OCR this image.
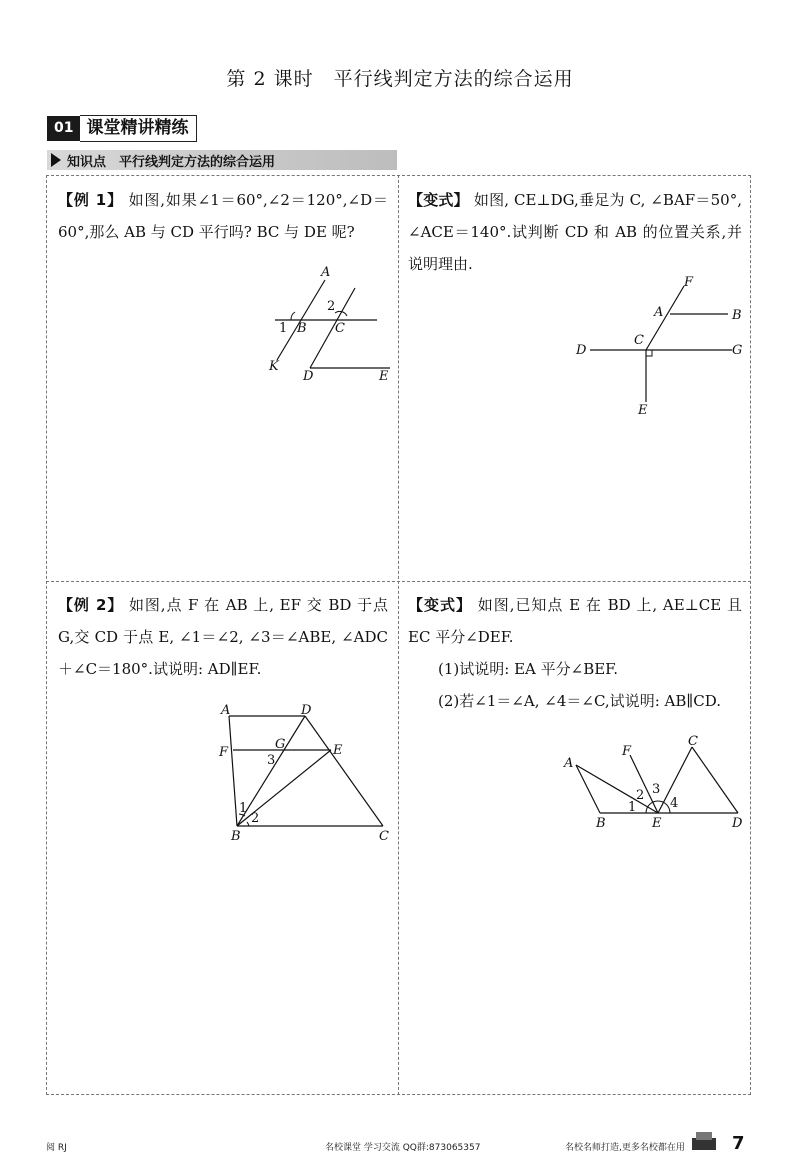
第 2 课时　平行线判定方法的综合运用
01 课堂精讲精练
知识点　平行线判定方法的综合运用
【例 1】 如图,如果∠1＝60°,∠2＝120°,∠D＝60°,那么 AB 与 CD 平行吗? BC 与 DE 呢?
A
B C
D	E
K
1
2
【变式】 如图, CE⊥DG,垂足为 C, ∠BAF＝50°, ∠ACE＝140°.试判断 CD 和 AB 的位置关系,并说明理由.
F
A	B
C
D	G
E
【例 2】 如图,点 F 在 AB 上, EF 交 BD 于点 G,交 CD 于点 E, ∠1＝∠2, ∠3＝∠ABE, ∠ADC＋∠C＝180°.试说明: AD∥EF.
A	D
F
G	E
B	C
1
2
3
【变式】 如图,已知点 E 在 BD 上, AE⊥CE 且 EC 平分∠DEF.
(1)试说明: EA 平分∠BEF.
(2)若∠1＝∠A, ∠4＝∠C,试说明: AB∥CD.
A
F
C
B	E	D
1
2 3
4
阅 RJ	名校课堂 学习交流 QQ群:873065357	名校名师打造,更多名校都在用	7
